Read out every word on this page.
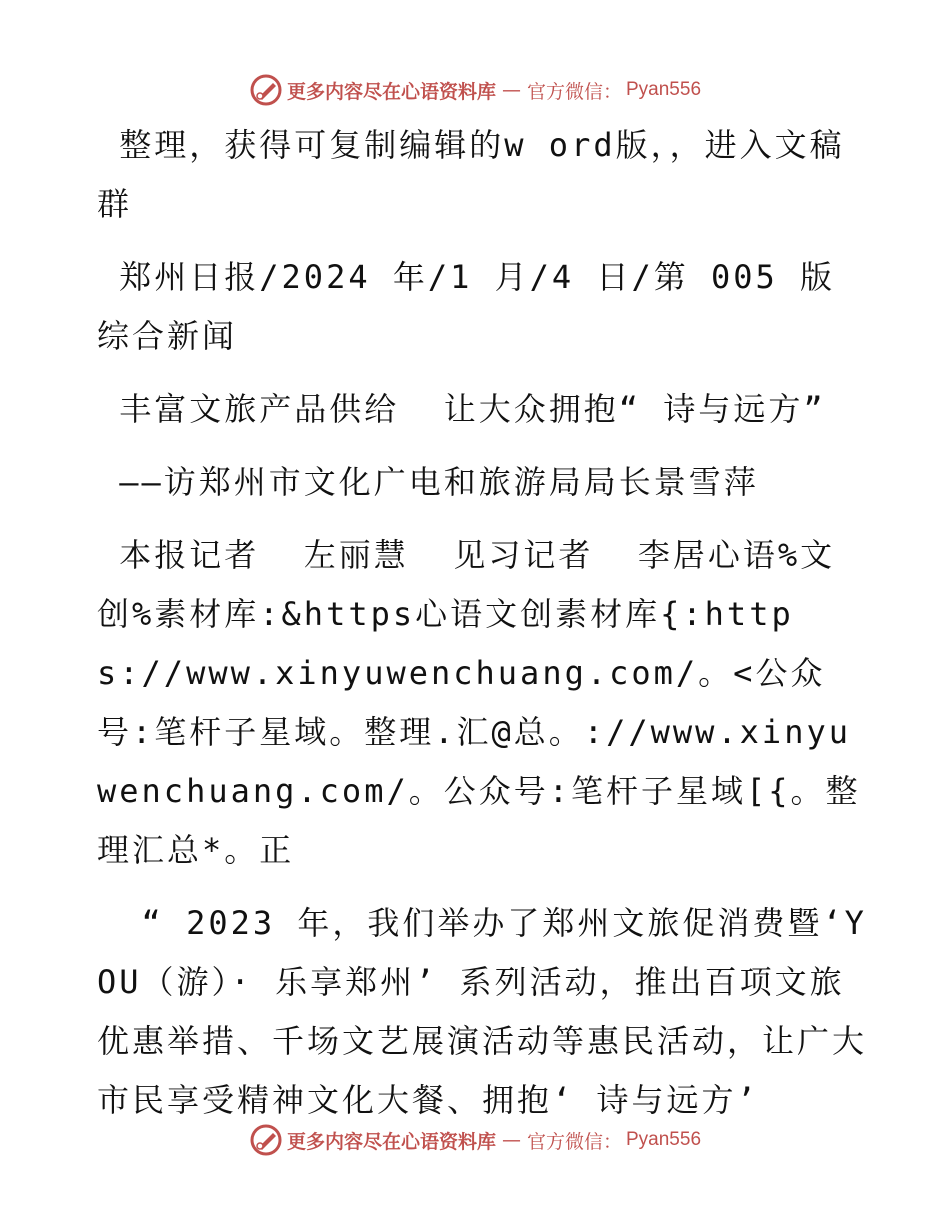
更多内容尽在心语资料库 — 官方微信： Pyan556

整理，获得可复制编辑的w ord版，，进入文稿群

郑州日报/2024 年/1 月/4 日/第 005 版综合新闻

丰富文旅产品供给  让大众拥抱“ 诗与远方”

——访郑州市文化广电和旅游局局长景雪萍

本报记者  左丽慧  见习记者  李居心语%文创%素材库:&https心语文创素材库{:https://www.xinyuwenchuang.com/。<公众号:笔杆子星域。整理.汇@总。://www.xinyuwenchuang.com/。公众号:笔杆子星域[{。整理汇总*。正

“ 2023 年，我们举办了郑州文旅促消费暨‘YOU（游）· 乐享郑州’ 系列活动，推出百项文旅优惠举措、千场文艺展演活动等惠民活动，让广大市民享受精神文化大餐、拥抱‘ 诗与远方’

更多内容尽在心语资料库 — 官方微信： Pyan556
